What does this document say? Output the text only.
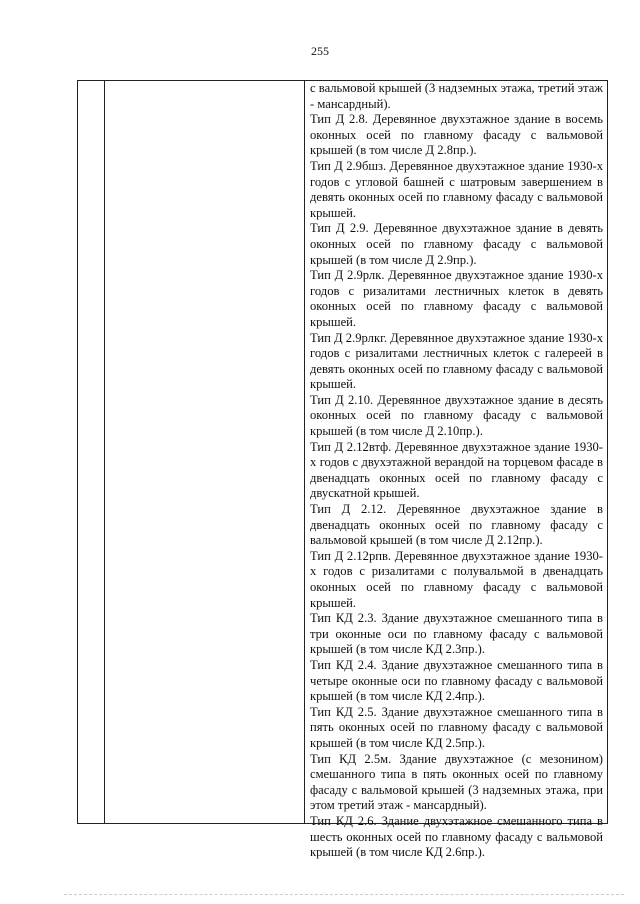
255

с вальмовой крышей (3 надземных этажа, третий этаж - мансардный).

Тип Д 2.8. Деревянное двухэтажное здание в восемь оконных осей по главному фасаду с вальмовой крышей (в том числе Д 2.8пр.).

Тип Д 2.9бшз. Деревянное двухэтажное здание 1930-х годов с угловой башней с шатровым завершением в девять оконных осей по главному фасаду с вальмовой крышей.

Тип Д 2.9. Деревянное двухэтажное здание в девять оконных осей по главному фасаду с вальмовой крышей (в том числе Д 2.9пр.).

Тип Д 2.9рлк. Деревянное двухэтажное здание 1930-х годов с ризалитами лестничных клеток в девять оконных осей по главному фасаду с вальмовой крышей.

Тип Д 2.9рлкг. Деревянное двухэтажное здание 1930-х годов с ризалитами лестничных клеток с галереей в девять оконных осей по главному фасаду с вальмовой крышей.

Тип Д 2.10. Деревянное двухэтажное здание в десять оконных осей по главному фасаду с вальмовой крышей (в том числе Д 2.10пр.).

Тип Д 2.12втф. Деревянное двухэтажное здание 1930-х годов с двухэтажной верандой на торцевом фасаде в двенадцать оконных осей по главному фасаду с двускатной крышей.

Тип Д 2.12. Деревянное двухэтажное здание в двенадцать оконных осей по главному фасаду с вальмовой крышей (в том числе Д 2.12пр.).

Тип Д 2.12рпв. Деревянное двухэтажное здание 1930-х годов с ризалитами с полувальмой в двенадцать оконных осей по главному фасаду с вальмовой крышей.

Тип КД 2.3. Здание двухэтажное смешанного типа в три оконные оси по главному фасаду с вальмовой крышей (в том числе КД 2.3пр.).

Тип КД 2.4. Здание двухэтажное смешанного типа в четыре оконные оси по главному фасаду с вальмовой крышей (в том числе КД 2.4пр.).

Тип КД 2.5. Здание двухэтажное смешанного типа в пять оконных осей по главному фасаду с вальмовой крышей (в том числе КД 2.5пр.).

Тип КД 2.5м. Здание двухэтажное (с мезонином) смешанного типа в пять оконных осей по главному фасаду с вальмовой крышей (3 надземных этажа, при этом третий этаж - мансардный).

Тип КД 2.6. Здание двухэтажное смешанного типа в шесть оконных осей по главному фасаду с вальмовой крышей (в том числе КД 2.6пр.).
